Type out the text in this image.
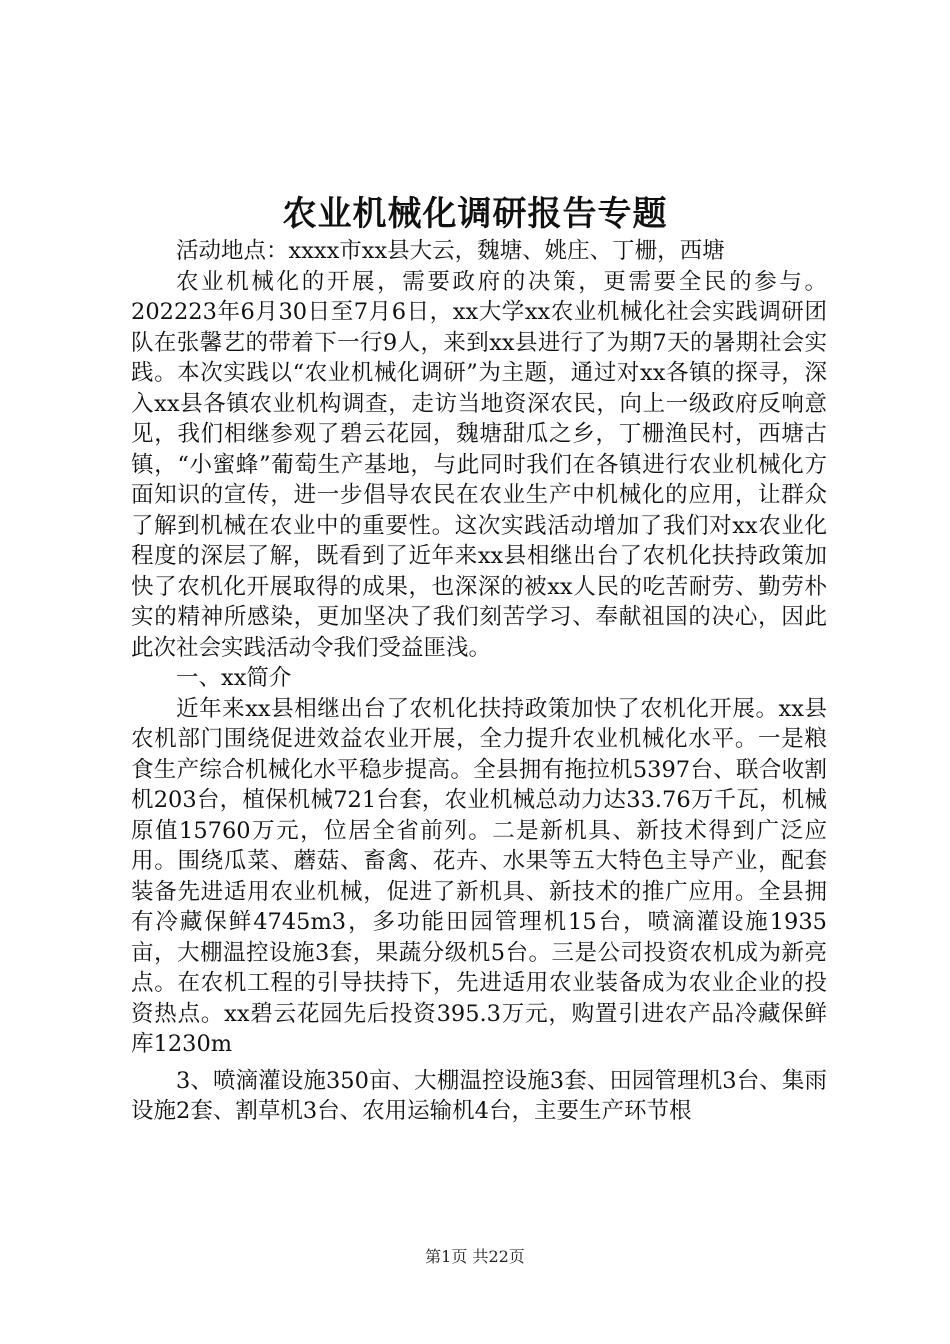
农业机械化调研报告专题

活动地点：xxxx市xx县大云，魏塘、姚庄、丁栅，西塘

农业机械化的开展，需要政府的决策，更需要全民的参与。202223年6月30日至7月6日，xx大学xx农业机械化社会实践调研团队在张馨艺的带着下一行9人，来到xx县进行了为期7天的暑期社会实践。本次实践以“农业机械化调研”为主题，通过对xx各镇的探寻，深入xx县各镇农业机构调查，走访当地资深农民，向上一级政府反响意见，我们相继参观了碧云花园，魏塘甜瓜之乡，丁栅渔民村，西塘古镇，“小蜜蜂”葡萄生产基地，与此同时我们在各镇进行农业机械化方面知识的宣传，进一步倡导农民在农业生产中机械化的应用，让群众了解到机械在农业中的重要性。这次实践活动增加了我们对xx农业化程度的深层了解，既看到了近年来xx县相继出台了农机化扶持政策加快了农机化开展取得的成果，也深深的被xx人民的吃苦耐劳、勤劳朴实的精神所感染，更加坚决了我们刻苦学习、奉献祖国的决心，因此此次社会实践活动令我们受益匪浅。

一、xx简介

近年来xx县相继出台了农机化扶持政策加快了农机化开展。xx县农机部门围绕促进效益农业开展，全力提升农业机械化水平。一是粮食生产综合机械化水平稳步提高。全县拥有拖拉机5397台、联合收割机203台，植保机械721台套，农业机械总动力达33.76万千瓦，机械原值15760万元，位居全省前列。二是新机具、新技术得到广泛应用。围绕瓜菜、蘑菇、畜禽、花卉、水果等五大特色主导产业，配套装备先进适用农业机械，促进了新机具、新技术的推广应用。全县拥有冷藏保鲜4745m3，多功能田园管理机15台，喷滴灌设施1935亩，大棚温控设施3套，果蔬分级机5台。三是公司投资农机成为新亮点。在农机工程的引导扶持下，先进适用农业装备成为农业企业的投资热点。xx碧云花园先后投资395.3万元，购置引进农产品冷藏保鲜库1230m

3、喷滴灌设施350亩、大棚温控设施3套、田园管理机3台、集雨设施2套、割草机3台、农用运输机4台，主要生产环节根

第1页 共22页
